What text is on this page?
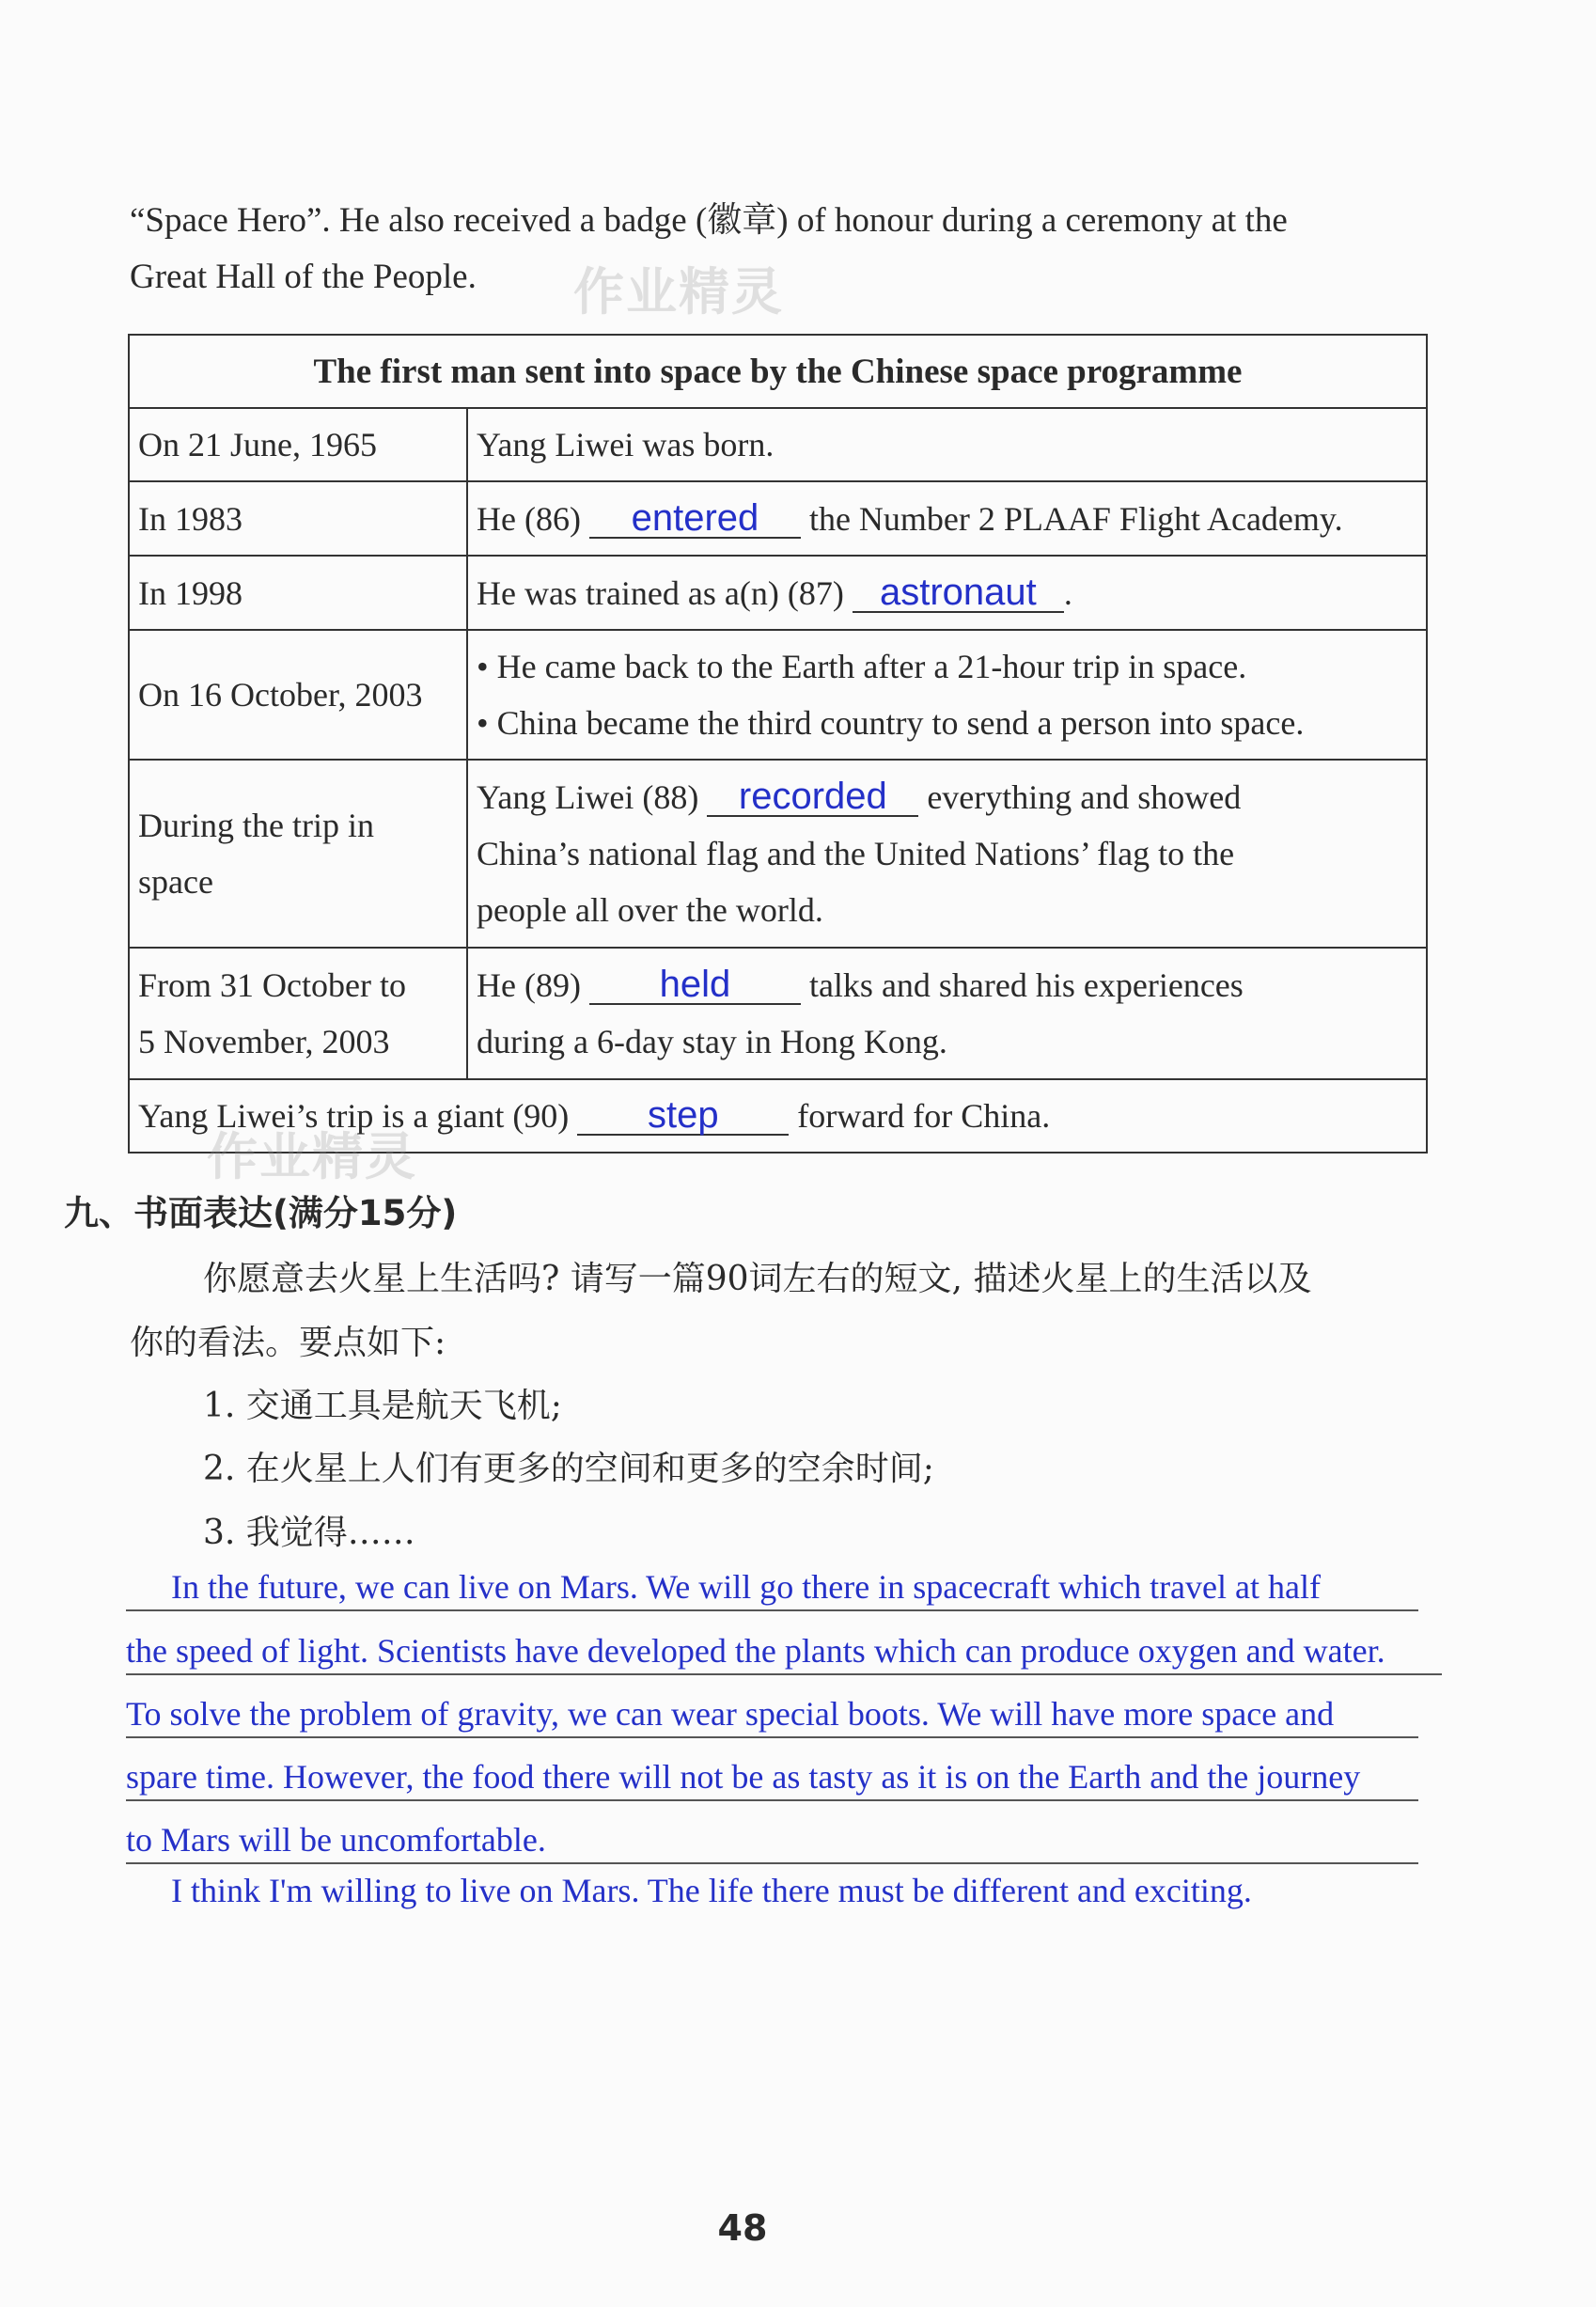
“Space Hero”. He also received a badge (徽章) of honour during a ceremony at the
Great Hall of the People.	作业精灵
The first man sent into space by the Chinese space programme	
On 21 June, 1965	Yang Liwei was born.
In 1983	He (86) entered the Number 2 PLAAF Flight Academy.
In 1998	He was trained as a(n) (87) astronaut .
On 16 October, 2003	• He came back to the Earth after a 21-hour trip in space.
• China became the third country to send a person into space.

During the trip in
space	Yang Liwei (88) recorded everything and showed
China’s national flag and the United Nations’ flag to the
people all over the world.

From 31 October to
5 November, 2003	He (89) held talks and shared his experiences
during a 6-day stay in Hong Kong.

Yang Liwei’s trip is a giant (90) step forward for China.	
作业精灵
九、书面表达(满分15分)
你愿意去火星上生活吗? 请写一篇90词左右的短文, 描述火星上的生活以及
你的看法。要点如下:
1. 交通工具是航天飞机;
2. 在火星上人们有更多的空间和更多的空余时间;
3. 我觉得……
In the future, we can live on Mars. We will go there in spacecraft which travel at half
the speed of light. Scientists have developed the plants which can produce oxygen and water.
To solve the problem of gravity, we can wear special boots. We will have more space and
spare time. However, the food there will not be as tasty as it is on the Earth and the journey
to Mars will be uncomfortable.
I think I'm willing to live on Mars. The life there must be different and exciting.
48
